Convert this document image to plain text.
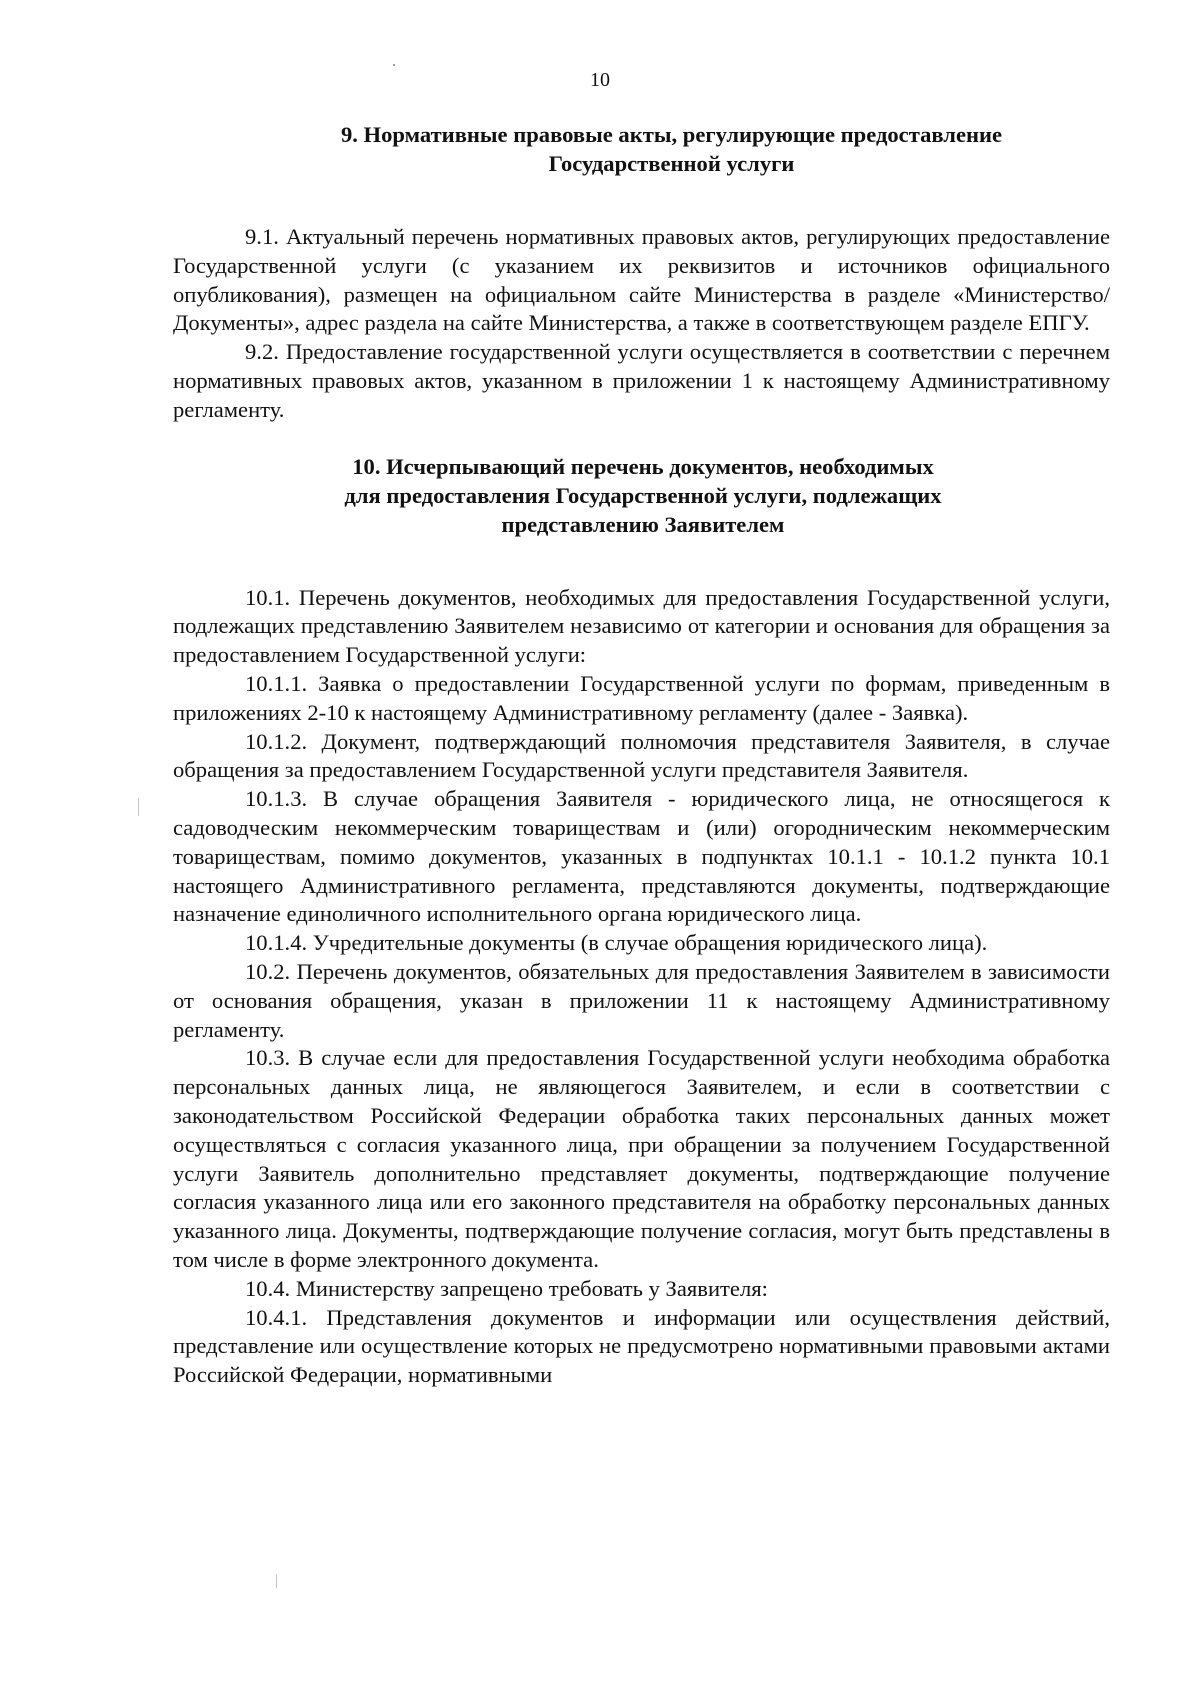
10
9. Нормативные правовые акты, регулирующие предоставление
Государственной услуги

9.1. Актуальный перечень нормативных правовых актов, регулирующих предоставление Государственной услуги (с указанием их реквизитов и источников официального опубликования), размещен на официальном сайте Министерства в разделе «Министерство/Документы», адрес раздела на сайте Министерства, а также в соответствующем разделе ЕПГУ.

9.2. Предоставление государственной услуги осуществляется в соответствии с перечнем нормативных правовых актов, указанном в приложении 1 к настоящему Административному регламенту.

10. Исчерпывающий перечень документов, необходимых
для предоставления Государственной услуги, подлежащих
представлению Заявителем

10.1. Перечень документов, необходимых для предоставления Государственной услуги, подлежащих представлению Заявителем независимо от категории и основания для обращения за предоставлением Государственной услуги:

10.1.1. Заявка о предоставлении Государственной услуги по формам, приведенным в приложениях 2-10 к настоящему Административному регламенту (далее - Заявка).

10.1.2. Документ, подтверждающий полномочия представителя Заявителя, в случае обращения за предоставлением Государственной услуги представителя Заявителя.

10.1.3. В случае обращения Заявителя - юридического лица, не относящегося к садоводческим некоммерческим товариществам и (или) огородническим некоммерческим товариществам, помимо документов, указанных в подпунктах 10.1.1 - 10.1.2 пункта 10.1 настоящего Административного регламента, представляются документы, подтверждающие назначение единоличного исполнительного органа юридического лица.

10.1.4. Учредительные документы (в случае обращения юридического лица).

10.2. Перечень документов, обязательных для предоставления Заявителем в зависимости от основания обращения, указан в приложении 11 к настоящему Административному регламенту.

10.3. В случае если для предоставления Государственной услуги необходима обработка персональных данных лица, не являющегося Заявителем, и если в соответствии с законодательством Российской Федерации обработка таких персональных данных может осуществляться с согласия указанного лица, при обращении за получением Государственной услуги Заявитель дополнительно представляет документы, подтверждающие получение согласия указанного лица или его законного представителя на обработку персональных данных указанного лица. Документы, подтверждающие получение согласия, могут быть представлены в том числе в форме электронного документа.

10.4. Министерству запрещено требовать у Заявителя:

10.4.1. Представления документов и информации или осуществления действий, представление или осуществление которых не предусмотрено нормативными правовыми актами Российской Федерации, нормативными
